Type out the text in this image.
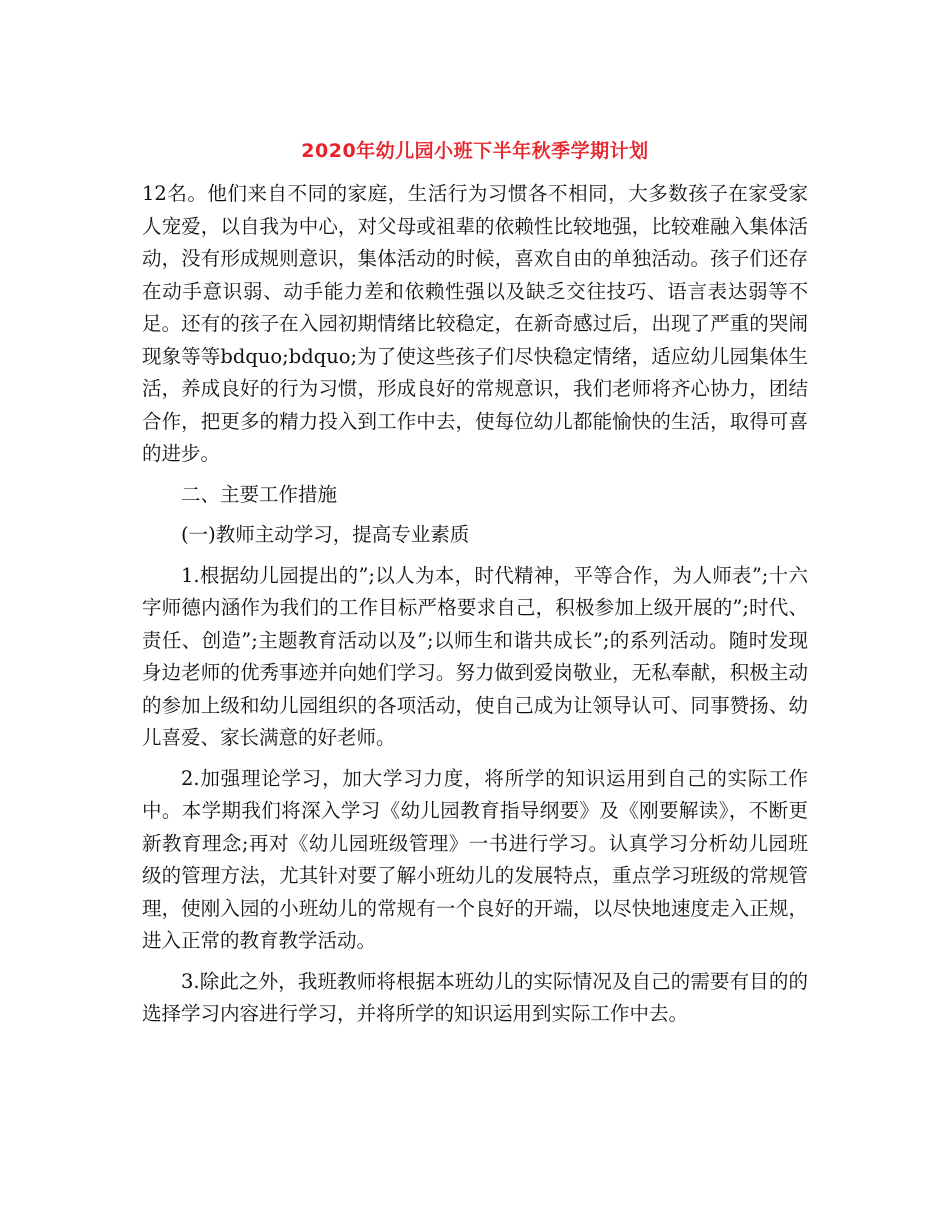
2020年幼儿园小班下半年秋季学期计划

12名。他们来自不同的家庭，生活行为习惯各不相同，大多数孩子在家受家人宠爱，以自我为中心，对父母或祖辈的依赖性比较地强，比较难融入集体活动，没有形成规则意识，集体活动的时候，喜欢自由的单独活动。孩子们还存在动手意识弱、动手能力差和依赖性强以及缺乏交往技巧、语言表达弱等不足。还有的孩子在入园初期情绪比较稳定，在新奇感过后，出现了严重的哭闹现象等等bdquo;bdquo;为了使这些孩子们尽快稳定情绪，适应幼儿园集体生活，养成良好的行为习惯，形成良好的常规意识，我们老师将齐心协力，团结合作，把更多的精力投入到工作中去，使每位幼儿都能愉快的生活，取得可喜的进步。

二、主要工作措施

(一)教师主动学习，提高专业素质

1.根据幼儿园提出的”;以人为本，时代精神，平等合作，为人师表”;十六字师德内涵作为我们的工作目标严格要求自己，积极参加上级开展的”;时代、责任、创造”;主题教育活动以及”;以师生和谐共成长”;的系列活动。随时发现身边老师的优秀事迹并向她们学习。努力做到爱岗敬业，无私奉献，积极主动的参加上级和幼儿园组织的各项活动，使自己成为让领导认可、同事赞扬、幼儿喜爱、家长满意的好老师。

2.加强理论学习，加大学习力度，将所学的知识运用到自己的实际工作中。本学期我们将深入学习《幼儿园教育指导纲要》及《刚要解读》，不断更新教育理念;再对《幼儿园班级管理》一书进行学习。认真学习分析幼儿园班级的管理方法，尤其针对要了解小班幼儿的发展特点，重点学习班级的常规管理，使刚入园的小班幼儿的常规有一个良好的开端，以尽快地速度走入正规，进入正常的教育教学活动。

3.除此之外，我班教师将根据本班幼儿的实际情况及自己的需要有目的的选择学习内容进行学习，并将所学的知识运用到实际工作中去。
